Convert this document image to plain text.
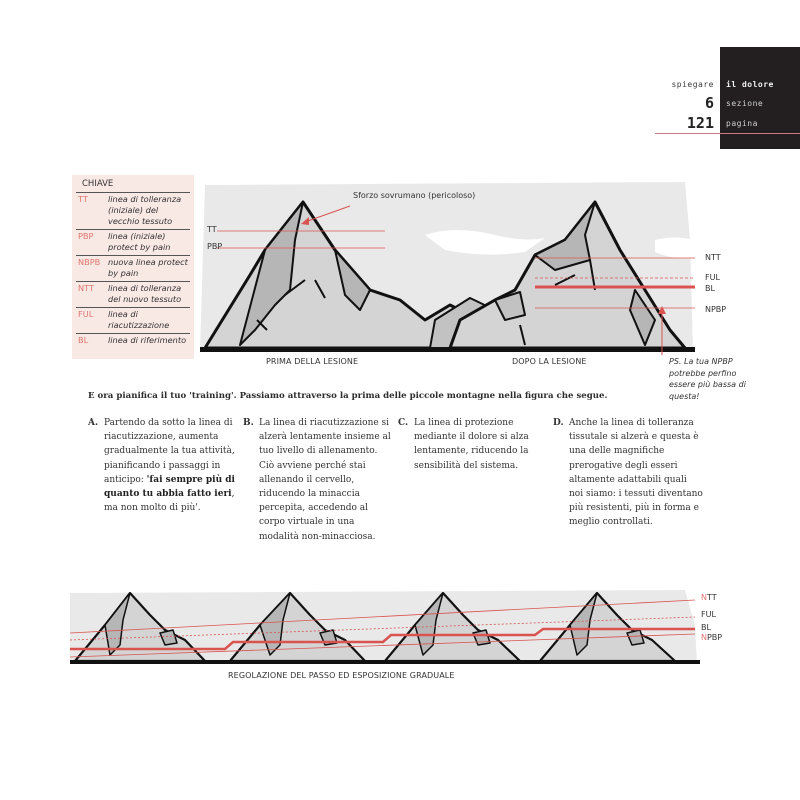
spiegare
6
121
il dolore
sezione
pagina
CHIAVE
TT	linea di tolleranza (iniziale) del vecchio tessuto
PBP	linea (iniziale) protect by pain
NBPB nuova linea protect by pain
NTT	linea di tolleranza del nuovo tessuto
FUL	linea di riacutizzazione
BL	linea di riferimento
Sforzo sovrumano (pericoloso)
TT
PBP
NTT
FUL
BL
NPBP
PRIMA DELLA LESIONE	DOPO LA LESIONE	PS. La tua NPBP potrebbe perfino essere più bassa di questa!
E ora pianifica il tuo 'training'. Passiamo attraverso la prima delle piccole montagne nella figura che segue.
A. Partendo da sotto la linea di riacutizzazione, aumenta gradualmente la tua attività, pianificando i passaggi in anticipo: 'fai sempre più di quanto tu abbia fatto ieri, ma non molto di più'.
B. La linea di riacutizzazione si alzerà lentamente insieme al tuo livello di allenamento. Ciò avviene perché stai allenando il cervello, riducendo la minaccia percepita, accedendo al corpo virtuale in una modalità non-minacciosa.
C. La linea di protezione mediante il dolore si alza lentamente, riducendo la sensibilità del sistema.
D. Anche la linea di tolleranza tissutale si alzerà e questa è una delle magnifiche prerogative degli esseri altamente adattabili quali noi siamo: i tessuti diventano più resistenti, più in forma e meglio controllati.
NTT
FUL
BL
NPBP
REGOLAZIONE DEL PASSO ED ESPOSIZIONE GRADUALE
